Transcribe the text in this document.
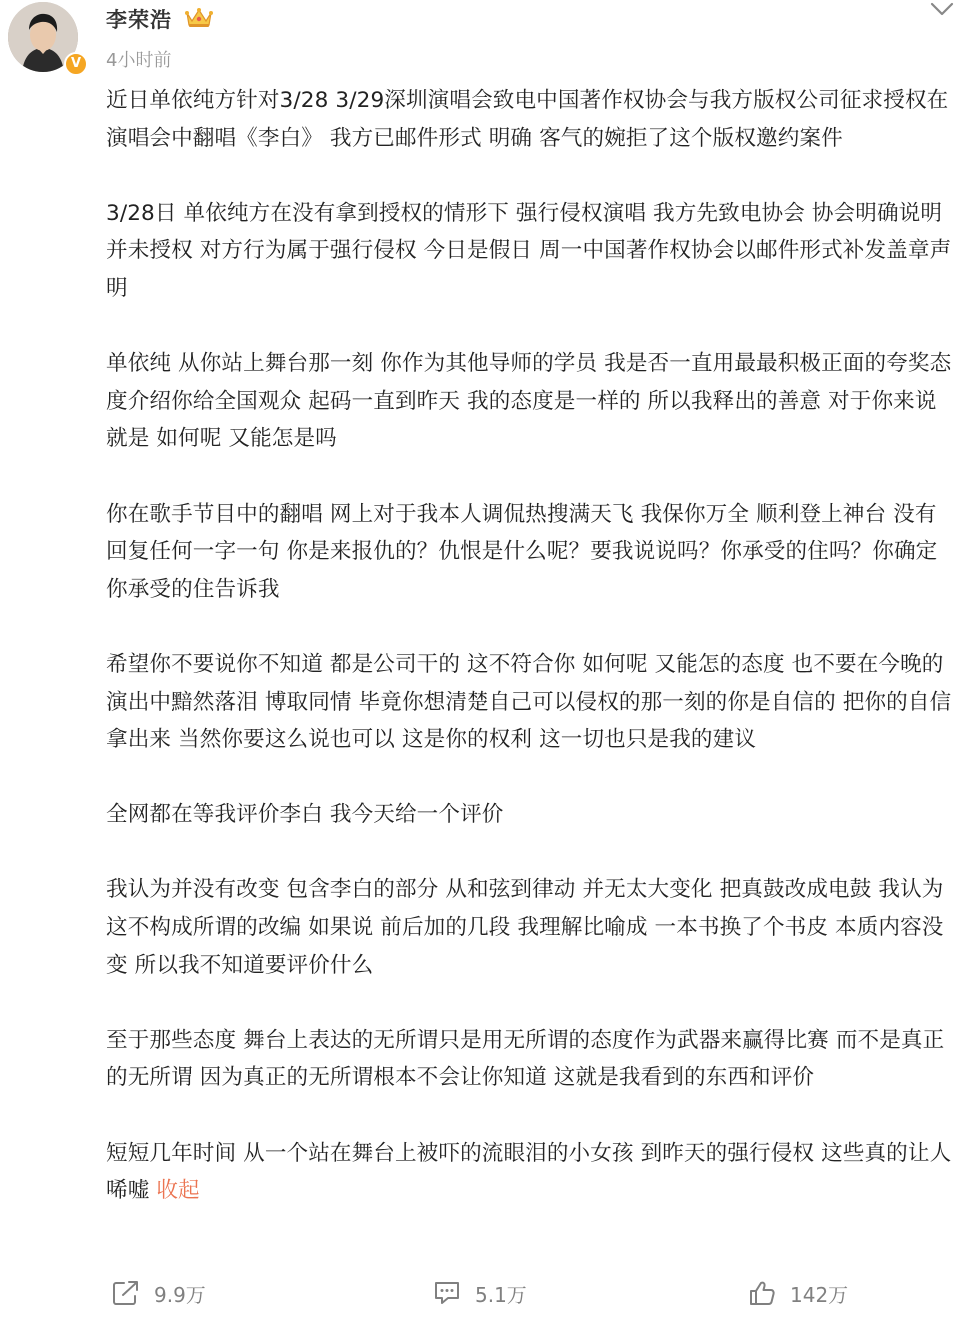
V
李荣浩
4小时前

近日单依纯方针对3/28 3/29深圳演唱会致电中国著作权协会与我方版权公司征求授权在演唱会中翻唱《李白》 我方已邮件形式 明确 客气的婉拒了这个版权邀约案件

3/28日 单依纯方在没有拿到授权的情形下 强行侵权演唱 我方先致电协会 协会明确说明 并未授权 对方行为属于强行侵权 今日是假日 周一中国著作权协会以邮件形式补发盖章声明

单依纯 从你站上舞台那一刻 你作为其他导师的学员 我是否一直用最最积极正面的夸奖态度介绍你给全国观众 起码一直到昨天 我的态度是一样的 所以我释出的善意 对于你来说 就是 如何呢 又能怎是吗

你在歌手节目中的翻唱 网上对于我本人调侃热搜满天飞 我保你万全 顺利登上神台 没有回复任何一字一句 你是来报仇的？仇恨是什么呢？要我说说吗？你承受的住吗？你确定你承受的住告诉我

希望你不要说你不知道 都是公司干的 这不符合你 如何呢 又能怎的态度 也不要在今晚的演出中黯然落泪 博取同情 毕竟你想清楚自己可以侵权的那一刻的你是自信的 把你的自信拿出来 当然你要这么说也可以 这是你的权利 这一切也只是我的建议

全网都在等我评价李白 我今天给一个评价

我认为并没有改变 包含李白的部分 从和弦到律动 并无太大变化 把真鼓改成电鼓 我认为这不构成所谓的改编 如果说 前后加的几段 我理解比喻成 一本书换了个书皮 本质内容没变 所以我不知道要评价什么

至于那些态度 舞台上表达的无所谓只是用无所谓的态度作为武器来赢得比赛 而不是真正的无所谓 因为真正的无所谓根本不会让你知道 这就是我看到的东西和评价

短短几年时间 从一个站在舞台上被吓的流眼泪的小女孩 到昨天的强行侵权 这些真的让人唏嘘 收起

9.9万	5.1万	142万
